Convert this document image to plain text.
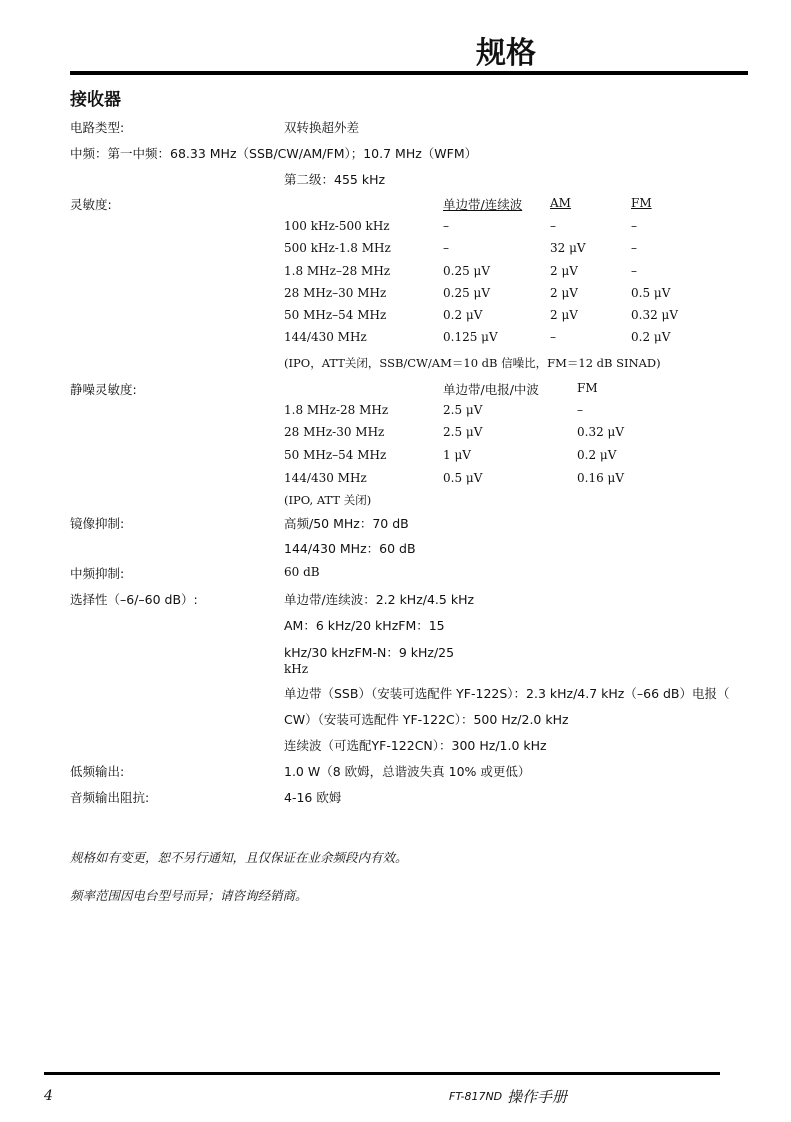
规格
接收器
电路类型:	双转换超外差
中频：第一中频：68.33 MHz（SSB/CW/AM/FM）；10.7 MHz（WFM）
第二级：455 kHz
灵敏度:	单边带/连续波 AM	FM
100 kHz-500 kHz	–	–	–
500 kHz-1.8 MHz	–	32 μV	–
1.8 MHz–28 MHz	0.25 μV	2 μV	–
28 MHz–30 MHz	0.25 μV	2 μV	0.5 μV
50 MHz–54 MHz	0.2 μV	2 μV	0.32 μV
144/430 MHz	0.125 μV	–	0.2 μV
(IPO，ATT关闭，SSB/CW/AM＝10 dB 信噪比，FM＝12 dB SINAD)
静噪灵敏度:	单边带/电报/中波	FM
1.8 MHz-28 MHz	2.5 μV	–
28 MHz-30 MHz	2.5 μV	0.32 μV
50 MHz–54 MHz	1 μV	0.2 μV
144/430 MHz	0.5 μV	0.16 μV
(IPO, ATT 关闭)
镜像抑制:	高频/50 MHz：70 dB
144/430 MHz：60 dB
中频抑制:	60 dB
选择性（–6/–60 dB）:	单边带/连续波：2.2 kHz/4.5 kHz
AM：6 kHz/20 kHzFM：15
kHz/30 kHzFM-N：9 kHz/25
kHz
单边带（SSB）（安装可选配件 YF-122S）：2.3 kHz/4.7 kHz（–66 dB）电报（
CW）（安装可选配件 YF-122C）：500 Hz/2.0 kHz
连续波（可选配YF-122CN）：300 Hz/1.0 kHz
低频输出:	1.0 W（8 欧姆，总谐波失真 10% 或更低）
音频输出阻抗:	4-16 欧姆
规格如有变更，恕不另行通知，且仅保证在业余频段内有效。
频率范围因电台型号而异；请咨询经销商。
4	FT-817ND 操作手册
